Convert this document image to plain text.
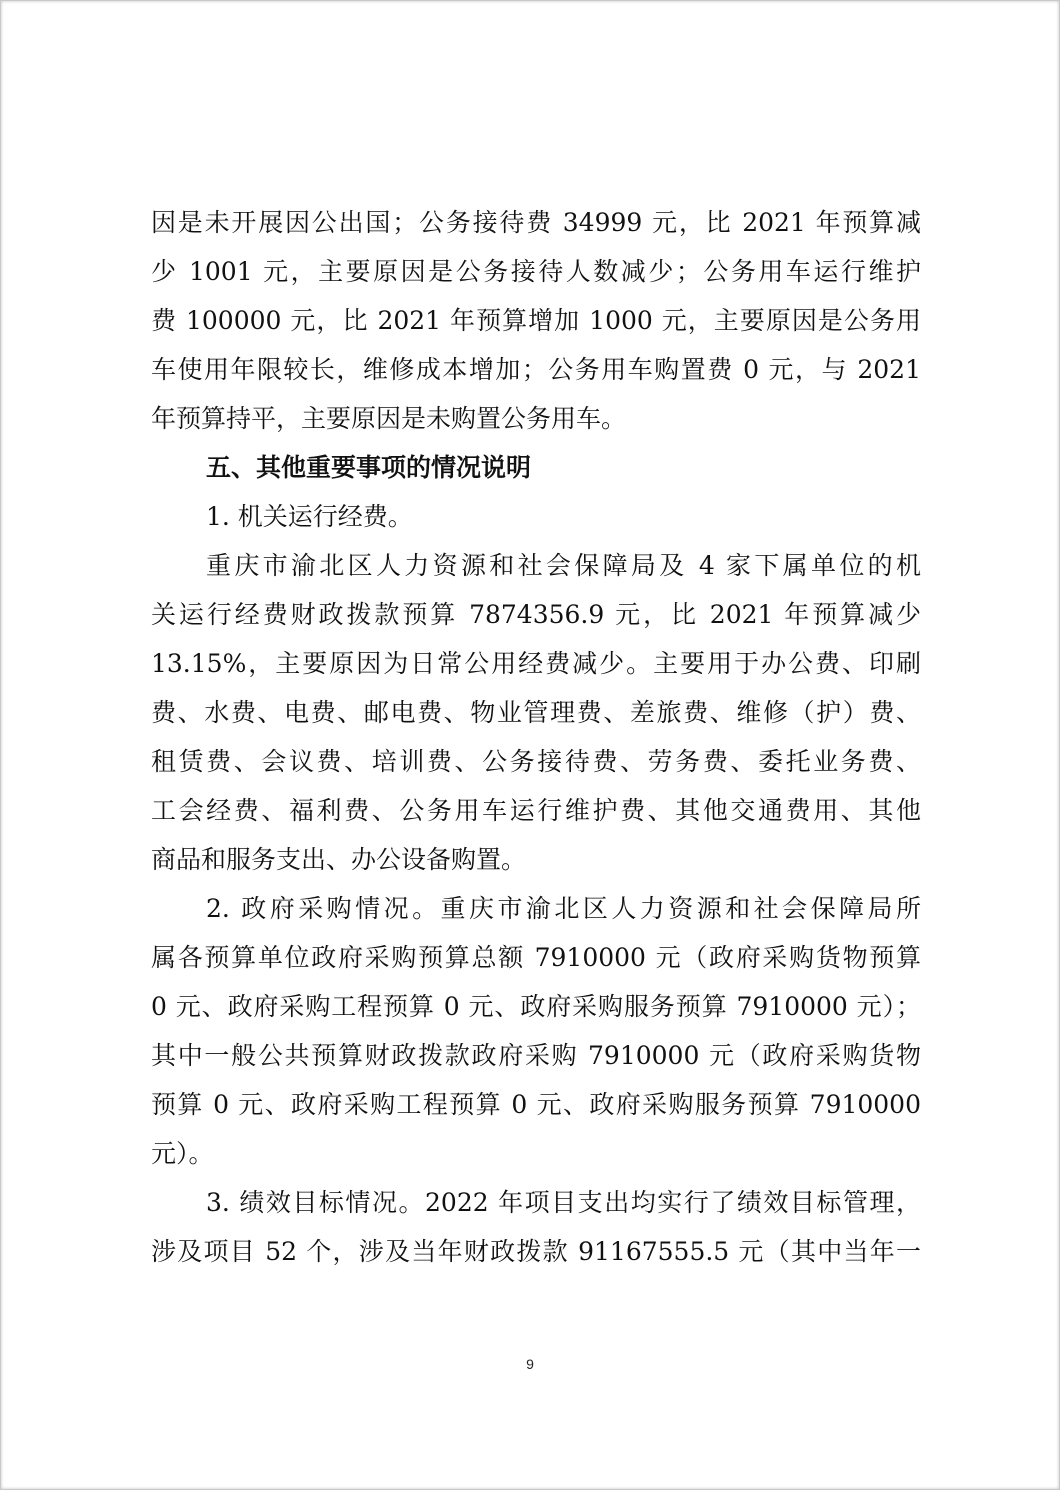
因是未开展因公出国；公务接待费 34999 元，比 2021 年预算减
少 1001 元，主要原因是公务接待人数减少；公务用车运行维护
费 100000 元，比 2021 年预算增加 1000 元，主要原因是公务用
车使用年限较长，维修成本增加；公务用车购置费 0 元，与 2021
年预算持平，主要原因是未购置公务用车。
五、其他重要事项的情况说明
1. 机关运行经费。
重庆市渝北区人力资源和社会保障局及 4 家下属单位的机
关运行经费财政拨款预算 7874356.9 元，比 2021 年预算减少
13.15%，主要原因为日常公用经费减少。主要用于办公费、印刷
费、水费、电费、邮电费、物业管理费、差旅费、维修（护）费、
租赁费、会议费、培训费、公务接待费、劳务费、委托业务费、
工会经费、福利费、公务用车运行维护费、其他交通费用、其他
商品和服务支出、办公设备购置。
2. 政府采购情况。重庆市渝北区人力资源和社会保障局所
属各预算单位政府采购预算总额 7910000 元（政府采购货物预算
0 元、政府采购工程预算 0 元、政府采购服务预算 7910000 元）；
其中一般公共预算财政拨款政府采购 7910000 元（政府采购货物
预算 0 元、政府采购工程预算 0 元、政府采购服务预算 7910000
元）。
3. 绩效目标情况。2022 年项目支出均实行了绩效目标管理，
涉及项目 52 个，涉及当年财政拨款 91167555.5 元（其中当年一
9
